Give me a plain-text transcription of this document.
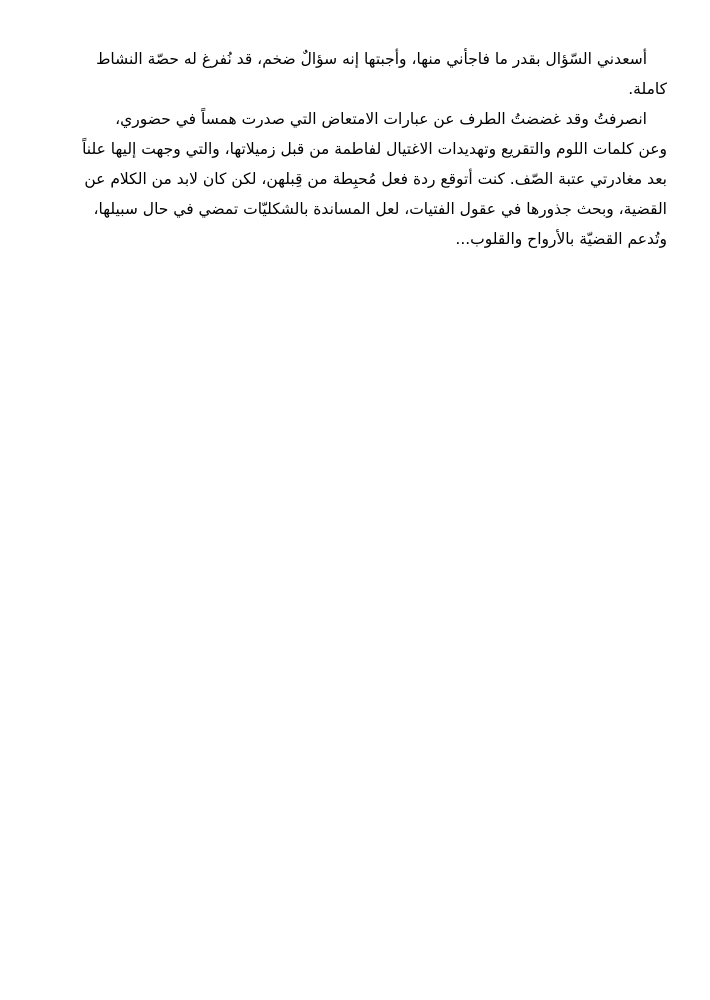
أسعدني السّؤال بقدر ما فاجأني منها، وأجبتها إنه سؤالٌ ضخم، قد نُفرغ له حصّة النشاط
كاملة.

انصرفتُ وقد غضضتُ الطرف عن عبارات الامتعاض التي صدرت همساً في حضوري،
وعن كلمات اللوم والتقريع وتهديدات الاغتيال لفاطمة من قبل زميلاتها، والتي وجهت إليها علناً
بعد مغادرتي عتبة الصّف. كنت أتوقع ردة فعل مُحبِطة من قِبلهن، لكن كان لابد من الكلام عن
القضية، وبحث جذورها في عقول الفتيات، لعل المساندة بالشكليّات تمضي في حال سبيلها،
وتُدعم القضيّة بالأرواح والقلوب...
